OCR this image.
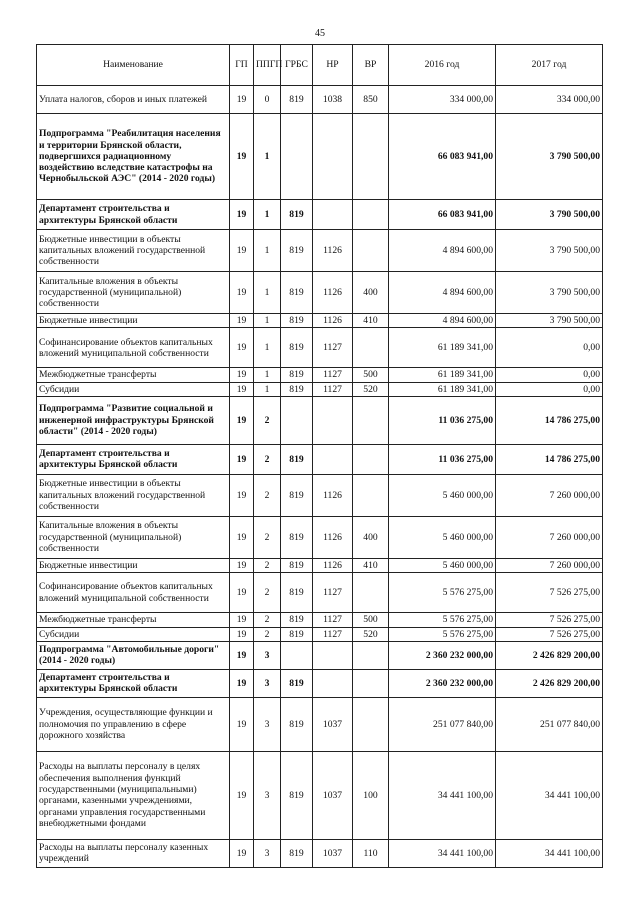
45
Наименование	ГП	ППГП	ГРБС	НР	ВР	2016 год	2017 год
Уплата налогов, сборов и иных платежей	19	0	819	1038	850	334 000,00	334 000,00
Подпрограмма "Реабилитация населения и территории Брянской области, подвергшихся радиационному воздействию вследствие катастрофы на Чернобыльской АЭС" (2014 - 2020 годы)	19	1				66 083 941,00	3 790 500,00
Департамент строительства и архитектуры Брянской области	19	1	819			66 083 941,00	3 790 500,00
Бюджетные инвестиции в объекты капитальных вложений государственной собственности	19	1	819	1126		4 894 600,00	3 790 500,00
Капитальные вложения в объекты государственной (муниципальной) собственности	19	1	819	1126	400	4 894 600,00	3 790 500,00
Бюджетные инвестиции	19	1	819	1126	410	4 894 600,00	3 790 500,00
Софинансирование объектов капитальных вложений муниципальной собственности	19	1	819	1127		61 189 341,00	0,00
Межбюджетные трансферты	19	1	819	1127	500	61 189 341,00	0,00
Субсидии	19	1	819	1127	520	61 189 341,00	0,00
Подпрограмма "Развитие социальной и инженерной инфраструктуры Брянской области" (2014 - 2020 годы)	19	2				11 036 275,00	14 786 275,00
Департамент строительства и архитектуры Брянской области	19	2	819			11 036 275,00	14 786 275,00
Бюджетные инвестиции в объекты капитальных вложений государственной собственности	19	2	819	1126		5 460 000,00	7 260 000,00
Капитальные вложения в объекты государственной (муниципальной) собственности	19	2	819	1126	400	5 460 000,00	7 260 000,00
Бюджетные инвестиции	19	2	819	1126	410	5 460 000,00	7 260 000,00
Софинансирование объектов капитальных вложений муниципальной собственности	19	2	819	1127		5 576 275,00	7 526 275,00
Межбюджетные трансферты	19	2	819	1127	500	5 576 275,00	7 526 275,00
Субсидии	19	2	819	1127	520	5 576 275,00	7 526 275,00
Подпрограмма "Автомобильные дороги" (2014 - 2020 годы)	19	3				2 360 232 000,00	2 426 829 200,00
Департамент строительства и архитектуры Брянской области	19	3	819			2 360 232 000,00	2 426 829 200,00
Учреждения, осуществляющие функции и полномочия по управлению в сфере дорожного хозяйства	19	3	819	1037		251 077 840,00	251 077 840,00
Расходы на выплаты персоналу в целях обеспечения выполнения функций государственными (муниципальными) органами, казенными учреждениями, органами управления государственными внебюджетными фондами	19	3	819	1037	100	34 441 100,00	34 441 100,00
Расходы на выплаты персоналу казенных учреждений	19	3	819	1037	110	34 441 100,00	34 441 100,00
